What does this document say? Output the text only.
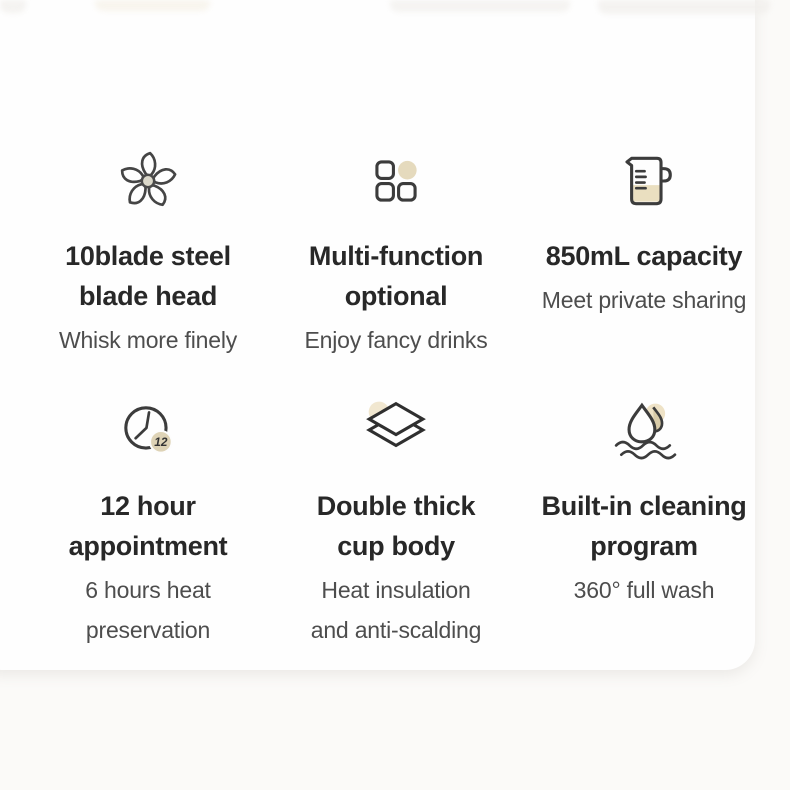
10blade steel
blade head
Whisk more finely
Multi-function
optional
Enjoy fancy drinks
850mL capacity
Meet private sharing
12
12 hour
appointment
6 hours heat preservation
Double thick
cup body
Heat insulation
and anti-scalding
Built-in cleaning
program
360° full wash
